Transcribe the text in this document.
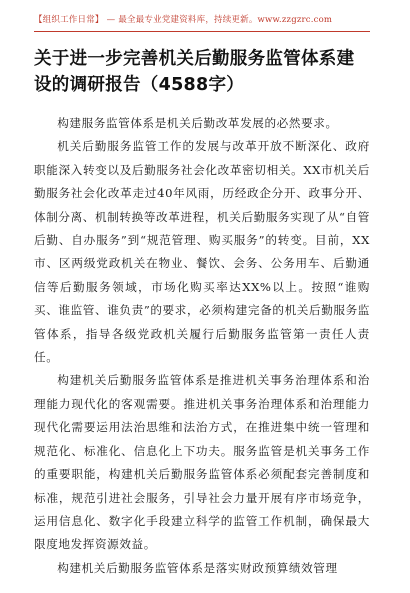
【组织工作日常】 — 最全最专业党建资料库，持续更新。www.zzgzrc.com
关于进一步完善机关后勤服务监管体系建设的调研报告（4588字）

构建服务监管体系是机关后勤改革发展的必然要求。

机关后勤服务监管工作的发展与改革开放不断深化、政府职能深入转变以及后勤服务社会化改革密切相关。XX市机关后勤服务社会化改革走过40年风雨，历经政企分开、政事分开、体制分离、机制转换等改革进程，机关后勤服务实现了从“自管后勤、自办服务”到“规范管理、购买服务”的转变。目前，XX市、区两级党政机关在物业、餐饮、会务、公务用车、后勤通信等后勤服务领域，市场化购买率达XX%以上。按照“谁购买、谁监管、谁负责”的要求，必须构建完备的机关后勤服务监管体系，指导各级党政机关履行后勤服务监管第一责任人责任。

构建机关后勤服务监管体系是推进机关事务治理体系和治理能力现代化的客观需要。推进机关事务治理体系和治理能力现代化需要运用法治思维和法治方式，在推进集中统一管理和规范化、标准化、信息化上下功夫。服务监管是机关事务工作的重要职能，构建机关后勤服务监管体系必须配套完善制度和标准，规范引进社会服务，引导社会力量开展有序市场竞争，运用信息化、数字化手段建立科学的监管工作机制，确保最大限度地发挥资源效益。

构建机关后勤服务监管体系是落实财政预算绩效管理
